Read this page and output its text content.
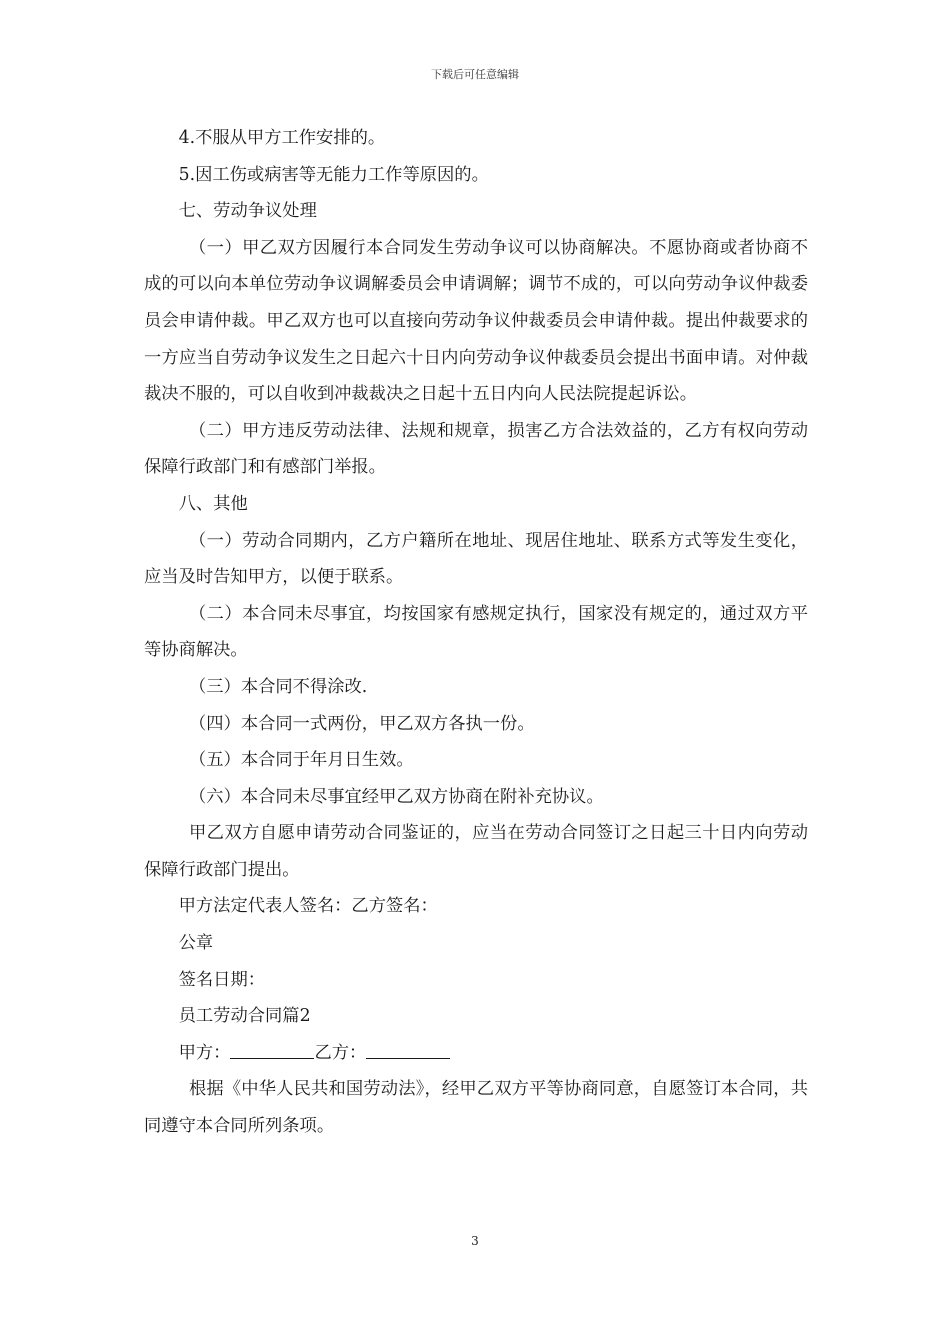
下载后可任意编辑

4.不服从甲方工作安排的。

5.因工伤或病害等无能力工作等原因的。

七、劳动争议处理

（一）甲乙双方因履行本合同发生劳动争议可以协商解决。不愿协商或者协商不成的可以向本单位劳动争议调解委员会申请调解；调节不成的，可以向劳动争议仲裁委员会申请仲裁。甲乙双方也可以直接向劳动争议仲裁委员会申请仲裁。提出仲裁要求的一方应当自劳动争议发生之日起六十日内向劳动争议仲裁委员会提出书面申请。对仲裁裁决不服的，可以自收到冲裁裁决之日起十五日内向人民法院提起诉讼。

（二）甲方违反劳动法律、法规和规章，损害乙方合法效益的，乙方有权向劳动保障行政部门和有感部门举报。

八、其他

（一）劳动合同期内，乙方户籍所在地址、现居住地址、联系方式等发生变化，应当及时告知甲方，以便于联系。

（二）本合同未尽事宜，均按国家有感规定执行，国家没有规定的，通过双方平等协商解决。

（三）本合同不得涂改.

（四）本合同一式两份，甲乙双方各执一份。

（五）本合同于年月日生效。

（六）本合同未尽事宜经甲乙双方协商在附补充协议。

甲乙双方自愿申请劳动合同鉴证的，应当在劳动合同签订之日起三十日内向劳动保障行政部门提出。

甲方法定代表人签名：乙方签名：

公章

签名日期：

员工劳动合同篇2

甲方：	乙方：

根据《中华人民共和国劳动法》，经甲乙双方平等协商同意，自愿签订本合同，共同遵守本合同所列条项。

3
